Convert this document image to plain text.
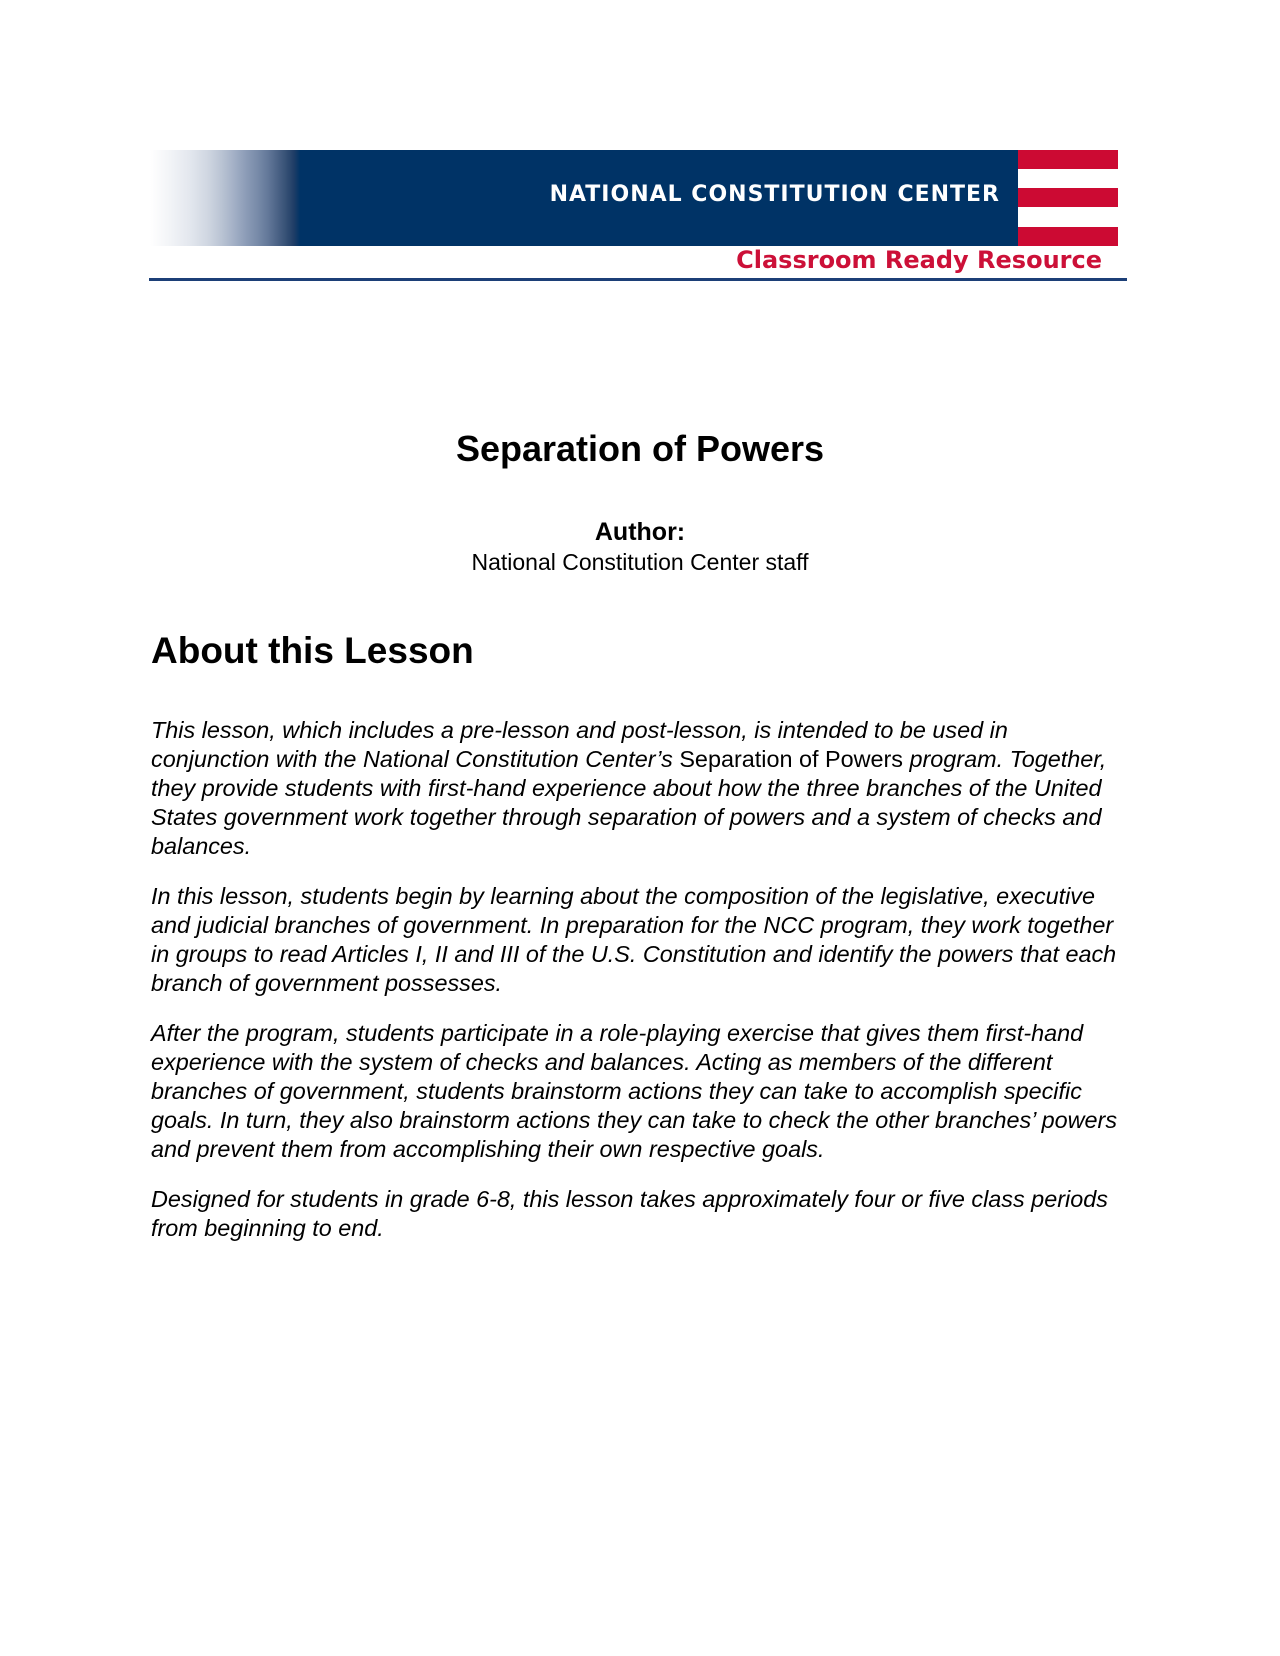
NATIONAL CONSTITUTION CENTER
Classroom Ready Resource
Separation of Powers
Author:
National Constitution Center staff
About this Lesson

This lesson, which includes a pre-lesson and post-lesson, is intended to be used in conjunction with the National Constitution Center’s Separation of Powers program. Together, they provide students with first-hand experience about how the three branches of the United States government work together through separation of powers and a system of checks and balances.

In this lesson, students begin by learning about the composition of the legislative, executive and judicial branches of government. In preparation for the NCC program, they work together in groups to read Articles I, II and III of the U.S. Constitution and identify the powers that each branch of government possesses.

After the program, students participate in a role-playing exercise that gives them first-hand experience with the system of checks and balances. Acting as members of the different branches of government, students brainstorm actions they can take to accomplish specific goals. In turn, they also brainstorm actions they can take to check the other branches’ powers and prevent them from accomplishing their own respective goals.

Designed for students in grade 6-8, this lesson takes approximately four or five class periods from beginning to end.
